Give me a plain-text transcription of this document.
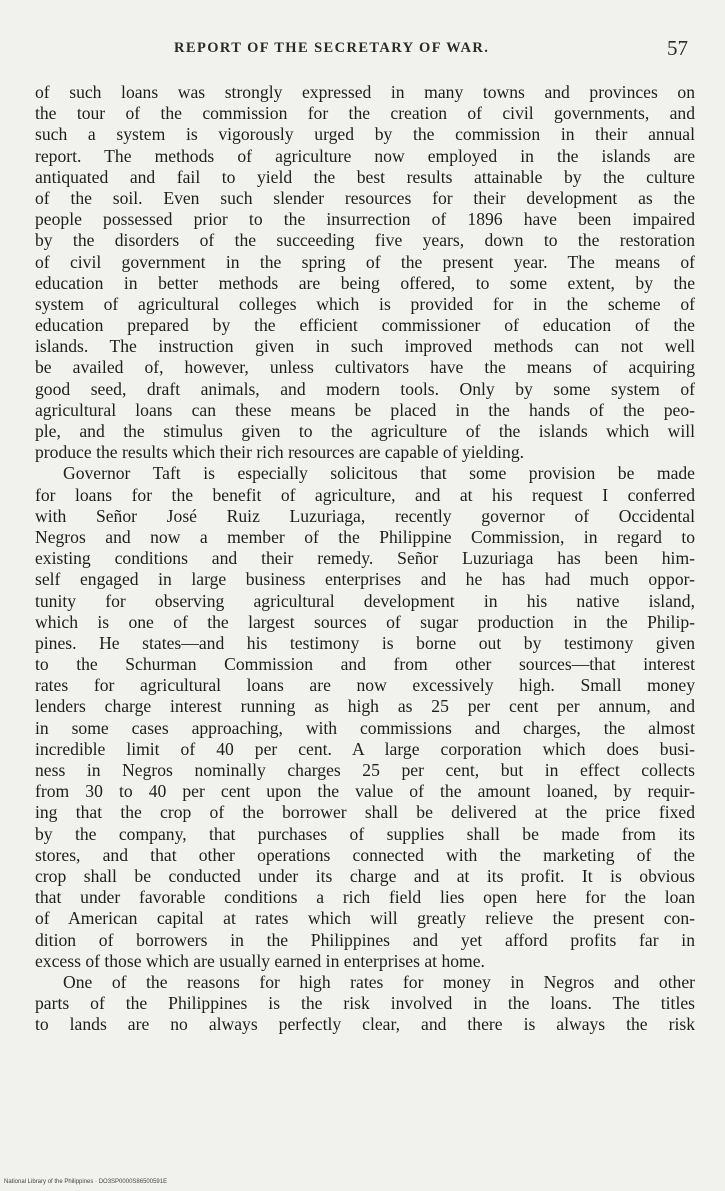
REPORT OF THE SECRETARY OF WAR.	57
of such loans was strongly expressed in many towns and provinces on
the tour of the commission for the creation of civil governments, and
such a system is vigorously urged by the commission in their annual
report. The methods of agriculture now employed in the islands are
antiquated and fail to yield the best results attainable by the culture
of the soil. Even such slender resources for their development as the
people possessed prior to the insurrection of 1896 have been impaired
by the disorders of the succeeding five years, down to the restoration
of civil government in the spring of the present year. The means of
education in better methods are being offered, to some extent, by the
system of agricultural colleges which is provided for in the scheme of
education prepared by the efficient commissioner of education of the
islands. The instruction given in such improved methods can not well
be availed of, however, unless cultivators have the means of acquiring
good seed, draft animals, and modern tools. Only by some system of
agricultural loans can these means be placed in the hands of the peo-
ple, and the stimulus given to the agriculture of the islands which will
produce the results which their rich resources are capable of yielding.
Governor Taft is especially solicitous that some provision be made
for loans for the benefit of agriculture, and at his request I conferred
with Señor José Ruiz Luzuriaga, recently governor of Occidental
Negros and now a member of the Philippine Commission, in regard to
existing conditions and their remedy. Señor Luzuriaga has been him-
self engaged in large business enterprises and he has had much oppor-
tunity for observing agricultural development in his native island,
which is one of the largest sources of sugar production in the Philip-
pines. He states—and his testimony is borne out by testimony given
to the Schurman Commission and from other sources—that interest
rates for agricultural loans are now excessively high. Small money
lenders charge interest running as high as 25 per cent per annum, and
in some cases approaching, with commissions and charges, the almost
incredible limit of 40 per cent. A large corporation which does busi-
ness in Negros nominally charges 25 per cent, but in effect collects
from 30 to 40 per cent upon the value of the amount loaned, by requir-
ing that the crop of the borrower shall be delivered at the price fixed
by the company, that purchases of supplies shall be made from its
stores, and that other operations connected with the marketing of the
crop shall be conducted under its charge and at its profit. It is obvious
that under favorable conditions a rich field lies open here for the loan
of American capital at rates which will greatly relieve the present con-
dition of borrowers in the Philippines and yet afford profits far in
excess of those which are usually earned in enterprises at home.
One of the reasons for high rates for money in Negros and other
parts of the Philippines is the risk involved in the loans. The titles
to lands are no always perfectly clear, and there is always the risk
National Library of the Philippines · DO3SP0000S86500591E
